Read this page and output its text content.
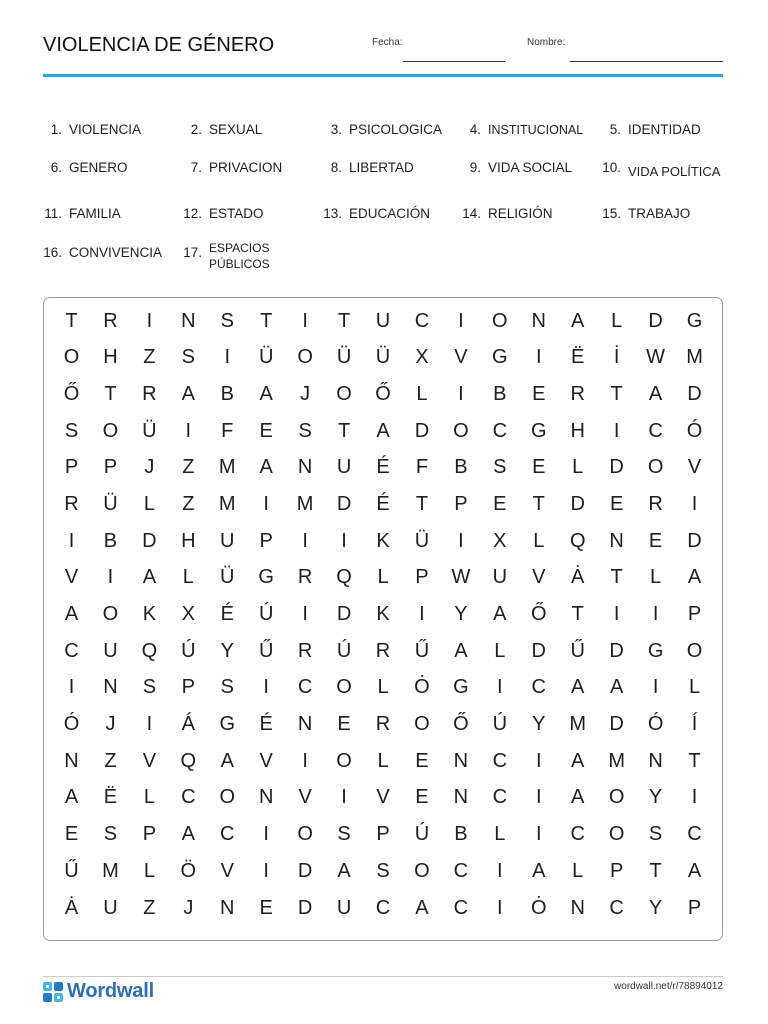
VIOLENCIA DE GÉNERO	Fecha:	Nombre:
1. VIOLENCIA	2. SEXUAL	3. PSICOLOGICA	4. INSTITUCIONAL	5. IDENTIDAD
6. GENERO	7. PRIVACION	8. LIBERTAD	9. VIDA SOCIAL	10. VIDA POLÍTICA
11. FAMILIA	12. ESTADO	13. EDUCACIÓN	14. RELIGIÓN	15. TRABAJO
16. CONVIVENCIA	17. ESPACIOS PÚBLICOS
T	R	I	N	S	T	I	T	U	C	I	O	N	A	L	D	G
O	H	Z	S	I	Ü	O	Ü	Ü	X	V	G	I	Ë	İ	W	M
Ő	T	R	A	B	A	J	O	Ő	L	I	B	E	R	T	A	D
S	O	Ü	I	F	E	S	T	A	D	O	C	G	H	I	C	Ó
P	P	J	Z	M	A	N	U	É	F	B	S	E	L	D	O	V
R	Ü	L	Z	M	I	M	D	É	T	P	E	T	D	E	R	I
I	B	D	H	U	P	I	I	K	Ü	I	X	L	Q	N	E	D
V	I	A	L	Ü	G	R	Q	L	P	W	U	V	Ȧ	T	L	A
A	O	K	X	É	Ú	I	D	K	I	Y	A	Ő	T	I	I	P
C	U	Q	Ú	Y	Ű	R	Ú	R	Ű	A	L	D	Ű	D	G	O
I	N	S	P	S	I	C	O	L	Ȯ	G	I	C	A	A	I	L
Ó	J	I	Á	G	É	N	E	R	O	Ő	Ú	Y	M	D	Ó	Í
N	Z	V	Q	A	V	I	O	L	E	N	C	I	A	M	N	T
A	Ë	L	C	O	N	V	I	V	E	N	C	I	A	O	Y	I
E	S	P	A	C	I	O	S	P	Ú	B	L	I	C	O	S	C
Ű	M	L	Ö	V	I	D	A	S	O	C	I	A	L	P	T	A
Ȧ	U	Z	J	N	E	D	U	C	A	C	I	Ȯ	N	C	Y	P
Wordwall	wordwall.net/r/78894012
